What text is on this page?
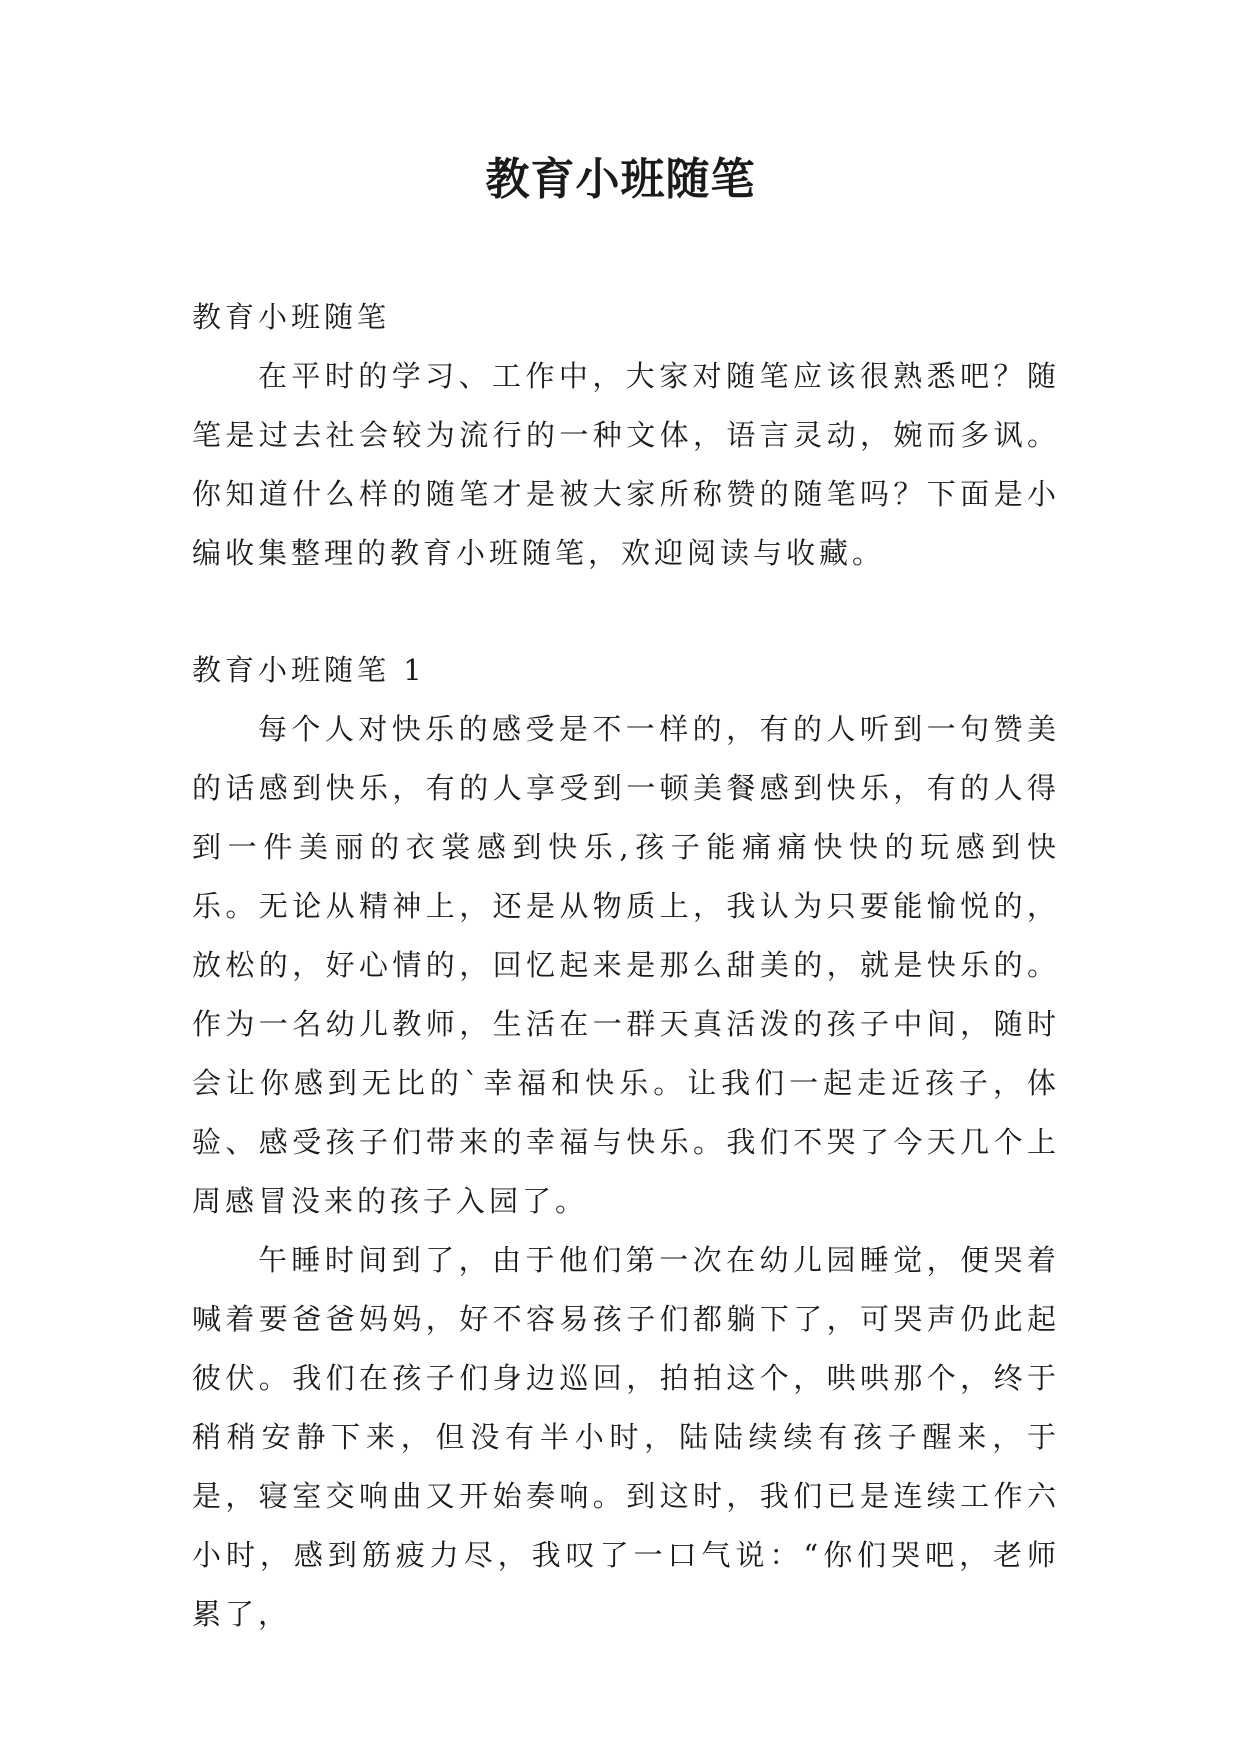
教育小班随笔

教育小班随笔

在平时的学习、工作中，大家对随笔应该很熟悉吧？随笔是过去社会较为流行的一种文体，语言灵动，婉而多讽。你知道什么样的随笔才是被大家所称赞的随笔吗？下面是小编收集整理的教育小班随笔，欢迎阅读与收藏。

教育小班随笔 1

每个人对快乐的感受是不一样的，有的人听到一句赞美的话感到快乐，有的人享受到一顿美餐感到快乐，有的人得到一件美丽的衣裳感到快乐,孩子能痛痛快快的玩感到快乐。无论从精神上，还是从物质上，我认为只要能愉悦的，放松的，好心情的，回忆起来是那么甜美的，就是快乐的。作为一名幼儿教师，生活在一群天真活泼的孩子中间，随时会让你感到无比的`幸福和快乐。让我们一起走近孩子，体验、感受孩子们带来的幸福与快乐。我们不哭了今天几个上周感冒没来的孩子入园了。

午睡时间到了，由于他们第一次在幼儿园睡觉，便哭着喊着要爸爸妈妈，好不容易孩子们都躺下了，可哭声仍此起彼伏。我们在孩子们身边巡回，拍拍这个，哄哄那个，终于稍稍安静下来，但没有半小时，陆陆续续有孩子醒来，于是，寝室交响曲又开始奏响。到这时，我们已是连续工作六小时，感到筋疲力尽，我叹了一口气说：“你们哭吧，老师累了，
